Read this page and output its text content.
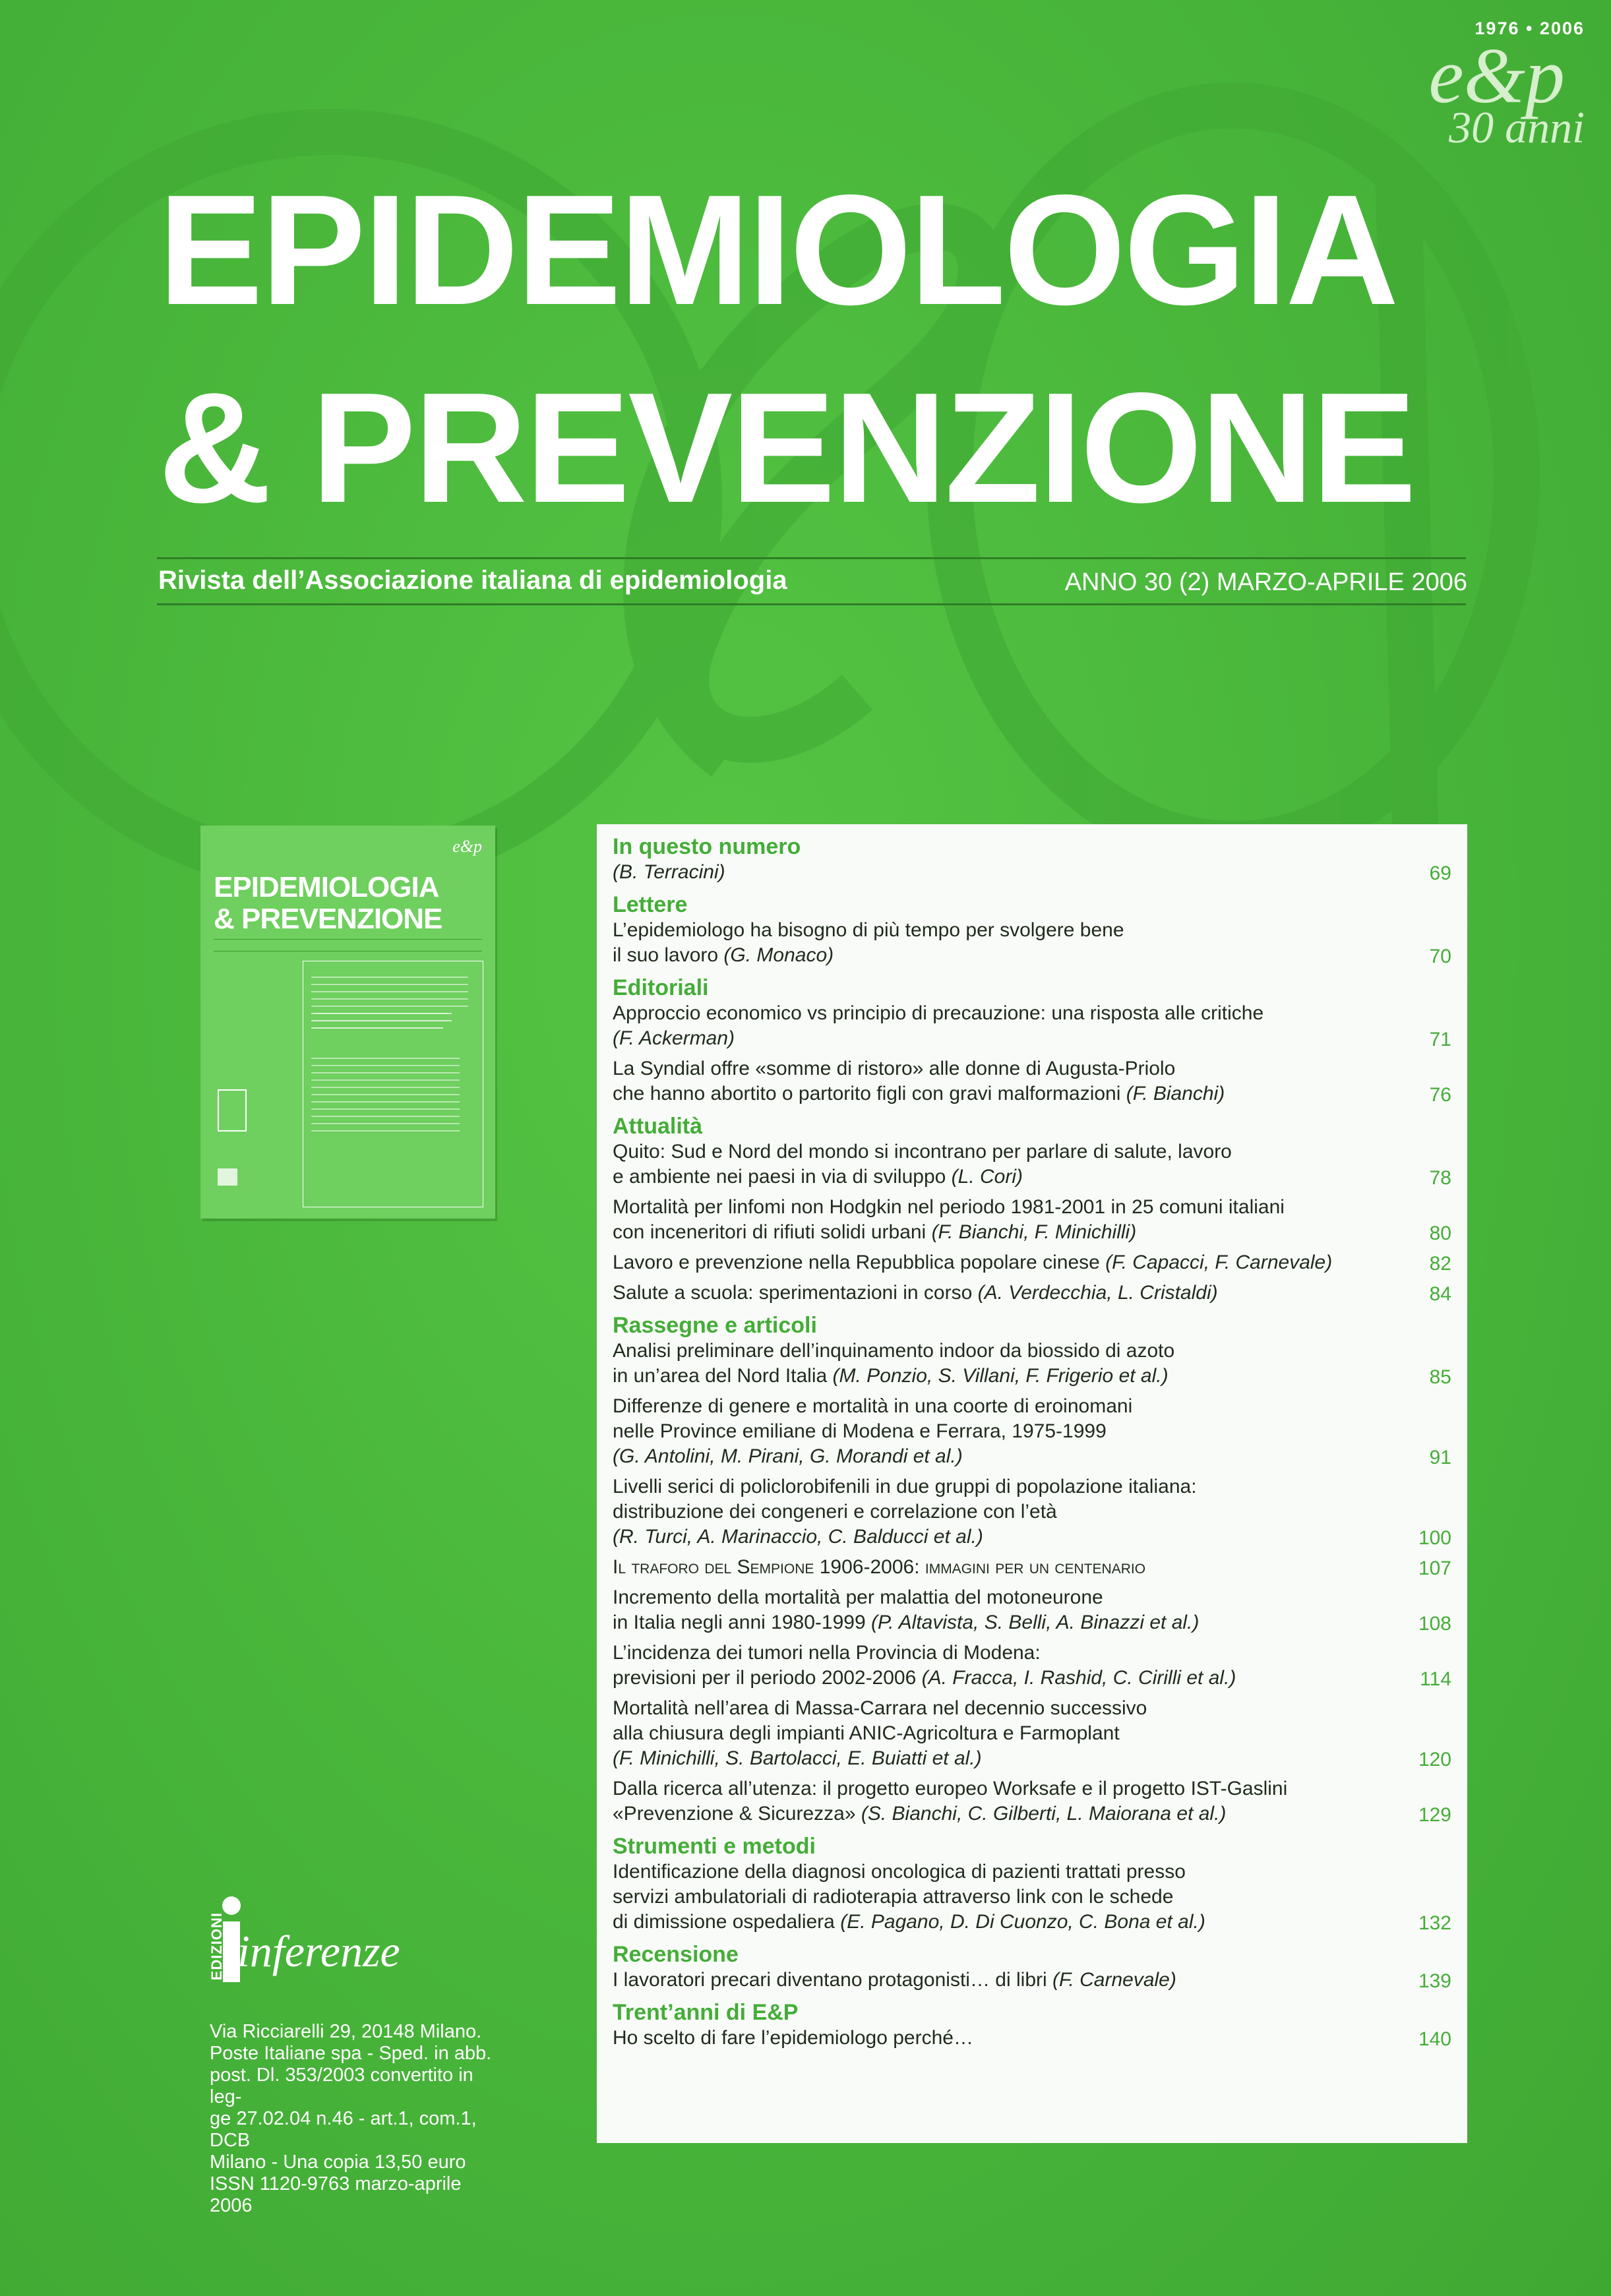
1976 • 2006
e&p
30 anni
EPIDEMIOLOGIA
& PREVENZIONE
Rivista dell’Associazione italiana di epidemiologia	ANNO 30 (2) MARZO-APRILE 2006
e&p
EPIDEMIOLOGIA
& PREVENZIONE
EDIZIONI inferenze
Via Ricciarelli 29, 20148 Milano.
Poste Italiane spa - Sped. in abb.
post. Dl. 353/2003 convertito in leg-
ge 27.02.04 n.46 - art.1, com.1, DCB
Milano - Una copia 13,50 euro
ISSN 1120-9763 marzo-aprile 2006
In questo numero
(B. Terracini)	69
Lettere
L’epidemiologo ha bisogno di più tempo per svolgere bene
il suo lavoro (G. Monaco)	70
Editoriali
Approccio economico vs principio di precauzione: una risposta alle critiche
(F. Ackerman)	71
La Syndial offre «somme di ristoro» alle donne di Augusta-Priolo
che hanno abortito o partorito figli con gravi malformazioni (F. Bianchi)	76
Attualità
Quito: Sud e Nord del mondo si incontrano per parlare di salute, lavoro
e ambiente nei paesi in via di sviluppo (L. Cori)	78
Mortalità per linfomi non Hodgkin nel periodo 1981-2001 in 25 comuni italiani
con inceneritori di rifiuti solidi urbani (F. Bianchi, F. Minichilli)	80
Lavoro e prevenzione nella Repubblica popolare cinese (F. Capacci, F. Carnevale)	82
Salute a scuola: sperimentazioni in corso (A. Verdecchia, L. Cristaldi)	84
Rassegne e articoli
Analisi preliminare dell’inquinamento indoor da biossido di azoto
in un’area del Nord Italia (M. Ponzio, S. Villani, F. Frigerio et al.)	85
Differenze di genere e mortalità in una coorte di eroinomani
nelle Province emiliane di Modena e Ferrara, 1975-1999
(G. Antolini, M. Pirani, G. Morandi et al.)	91
Livelli serici di policlorobifenili in due gruppi di popolazione italiana:
distribuzione dei congeneri e correlazione con l’età
(R. Turci, A. Marinaccio, C. Balducci et al.)	100
Il traforo del Sempione 1906-2006: immagini per un centenario	107
Incremento della mortalità per malattia del motoneurone
in Italia negli anni 1980-1999 (P. Altavista, S. Belli, A. Binazzi et al.)	108
L’incidenza dei tumori nella Provincia di Modena:
previsioni per il periodo 2002-2006 (A. Fracca, I. Rashid, C. Cirilli et al.)	114
Mortalità nell’area di Massa-Carrara nel decennio successivo
alla chiusura degli impianti ANIC-Agricoltura e Farmoplant
(F. Minichilli, S. Bartolacci, E. Buiatti et al.)	120
Dalla ricerca all’utenza: il progetto europeo Worksafe e il progetto IST-Gaslini
«Prevenzione & Sicurezza» (S. Bianchi, C. Gilberti, L. Maiorana et al.)	129
Strumenti e metodi
Identificazione della diagnosi oncologica di pazienti trattati presso
servizi ambulatoriali di radioterapia attraverso link con le schede
di dimissione ospedaliera (E. Pagano, D. Di Cuonzo, C. Bona et al.)	132
Recensione
I lavoratori precari diventano protagonisti… di libri (F. Carnevale)	139
Trent’anni di E&P
Ho scelto di fare l’epidemiologo perché…	140
